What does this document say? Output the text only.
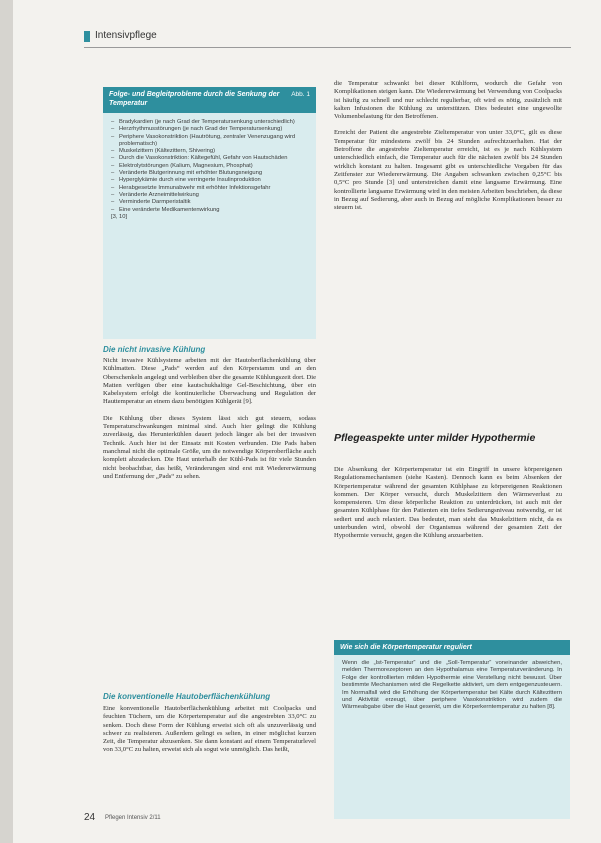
Intensivpflege
Folge- und Begleitprobleme durch die Senkung der Temperatur
Abb. 1
– Bradykardien (je nach Grad der Temperatursenkung unterschiedlich)
– Herzrhythmusstörungen (je nach Grad der Temperatursenkung)
– Periphere Vasokonstriktion (Hautrötung, zentraler Venenzugang wird problematisch)
– Muskelzittern (Kältezittern, Shivering)
– Durch die Vasokonstriktion: Kältegefühl, Gefahr von Hautschäden
– Elektrolytstörungen (Kalium, Magnesium, Phosphat)
– Veränderte Blutgerinnung mit erhöhter Blutungsneigung
– Hyperglykämie durch eine verringerte Insulinproduktion
– Herabgesetzte Immunabwehr mit erhöhter Infektionsgefahr
– Veränderte Arzneimittelwirkung
– Verminderte Darmperistaltik
– Eine veränderte Medikamentenwirkung
[3, 10]
Die nicht invasive Kühlung

Nicht invasive Kühlsysteme arbeiten mit der Hautoberflächenkühlung über Kühlmatten. Diese „Pads“ werden auf den Körperstamm und an den Oberschenkeln angelegt und verbleiben über die gesamte Kühlungszeit dort. Die Matten verfügen über eine kautschukhaltige Gel-Beschichtung, über ein Kabelsystem erfolgt die kontinuierliche Überwachung und Regulation der Hauttemperatur an einem dazu benötigten Kühlgerät [9].

Die Kühlung über dieses System lässt sich gut steuern, sodass Temperaturschwankungen minimal sind. Auch hier gelingt die Kühlung zuverlässig, das Herunterkühlen dauert jedoch länger als bei der invasiven Technik. Auch hier ist der Einsatz mit Kosten verbunden. Die Pads haben manchmal nicht die optimale Größe, um die notwendige Körperoberfläche auch komplett abzudecken. Die Haut unterhalb der Kühl-Pads ist für viele Stunden nicht beobachtbar, das heißt, Veränderungen sind erst mit Wiedererwärmung und Entfernung der „Pads“ zu sehen.

Die konventionelle Hautoberflächenkühlung

Eine konventionelle Hautoberflächenkühlung arbeitet mit Coolpacks und feuchten Tüchern, um die Körpertemperatur auf die angestrebten 33,0°C zu senken. Doch diese Form der Kühlung erweist sich oft als unzuverlässig und schwer zu realisieren. Außerdem gelingt es selten, in einer möglichst kurzen Zeit, die Temperatur abzusenken. Sie dann konstant auf einem Temperaturlevel von 33,0°C zu halten, erweist sich als sogut wie unmöglich. Das heißt,

die Temperatur schwankt bei dieser Kühlform, wodurch die Gefahr von Komplikationen steigen kann. Die Wiedererwärmung bei Verwendung von Coolpacks ist häufig zu schnell und nur schlecht regulierbar, oft wird es nötig, zusätzlich mit kalten Infusionen die Kühlung zu unterstützen. Dies bedeutet eine ungewollte Volumenbelastung für den Betroffenen.

Erreicht der Patient die angestrebte Zieltemperatur von unter 33,0°C, gilt es diese Temperatur für mindestens zwölf bis 24 Stunden aufrechtzuerhalten. Hat der Betroffene die angestrebte Zieltemperatur erreicht, ist es je nach Kühlsystem unterschiedlich einfach, die Temperatur auch für die nächsten zwölf bis 24 Stunden wirklich konstant zu halten. Insgesamt gibt es unterschiedliche Vorgaben für das Zeitfenster zur Wiedererwärmung. Die Angaben schwanken zwischen 0,25°C bis 0,5°C pro Stunde [3] und unterstreichen damit eine langsame Erwärmung. Eine kontrollierte langsame Erwärmung wird in den meisten Arbeiten beschrieben, da diese in Bezug auf Sedierung, aber auch in Bezug auf mögliche Komplikationen besser zu steuern ist.

Pflegeaspekte unter milder Hypothermie

Die Absenkung der Körpertemperatur ist ein Eingriff in unsere körpereigenen Regulationsmechanismen (siehe Kasten). Dennoch kann es beim Absenken der Körpertemperatur während der gesamten Kühlphase zu körpereigenen Reaktionen kommen. Der Körper versucht, durch Muskelzittern den Wärmeverlust zu kompensieren. Um diese körperliche Reaktion zu unterdrücken, ist auch mit der gesamten Kühlphase für den Patienten ein tiefes Sedierungsniveau notwendig, er ist sediert und auch relaxiert. Das bedeutet, man sieht das Muskelzittern nicht, da es unterbunden wird, obwohl der Organismus während der gesamten Zeit der Hypothermie versucht, gegen die Kühlung anzuarbeiten.

Wie sich die Körpertemperatur reguliert
Wenn die „Ist-Temperatur“ und die „Soll-Temperatur“ voneinander abweichen, melden Thermorezeptoren an den Hypothalamus eine Temperaturveränderung. In Folge der kontrollierten milden Hypothermie eine Verstellung nicht bewusst. Über bestimmte Mechanismen wird die Regelkette aktiviert, um dem entgegenzusteuern. Im Normalfall wird die Erhöhung der Körpertemperatur bei Kälte durch Kältezittern und Aktivität erzeugt, über periphere Vasokonstriktion wird zudem die Wärmeabgabe über die Haut gesenkt, um die Körperkerntemperatur zu halten [8].
24 Pflegen Intensiv 2/11
